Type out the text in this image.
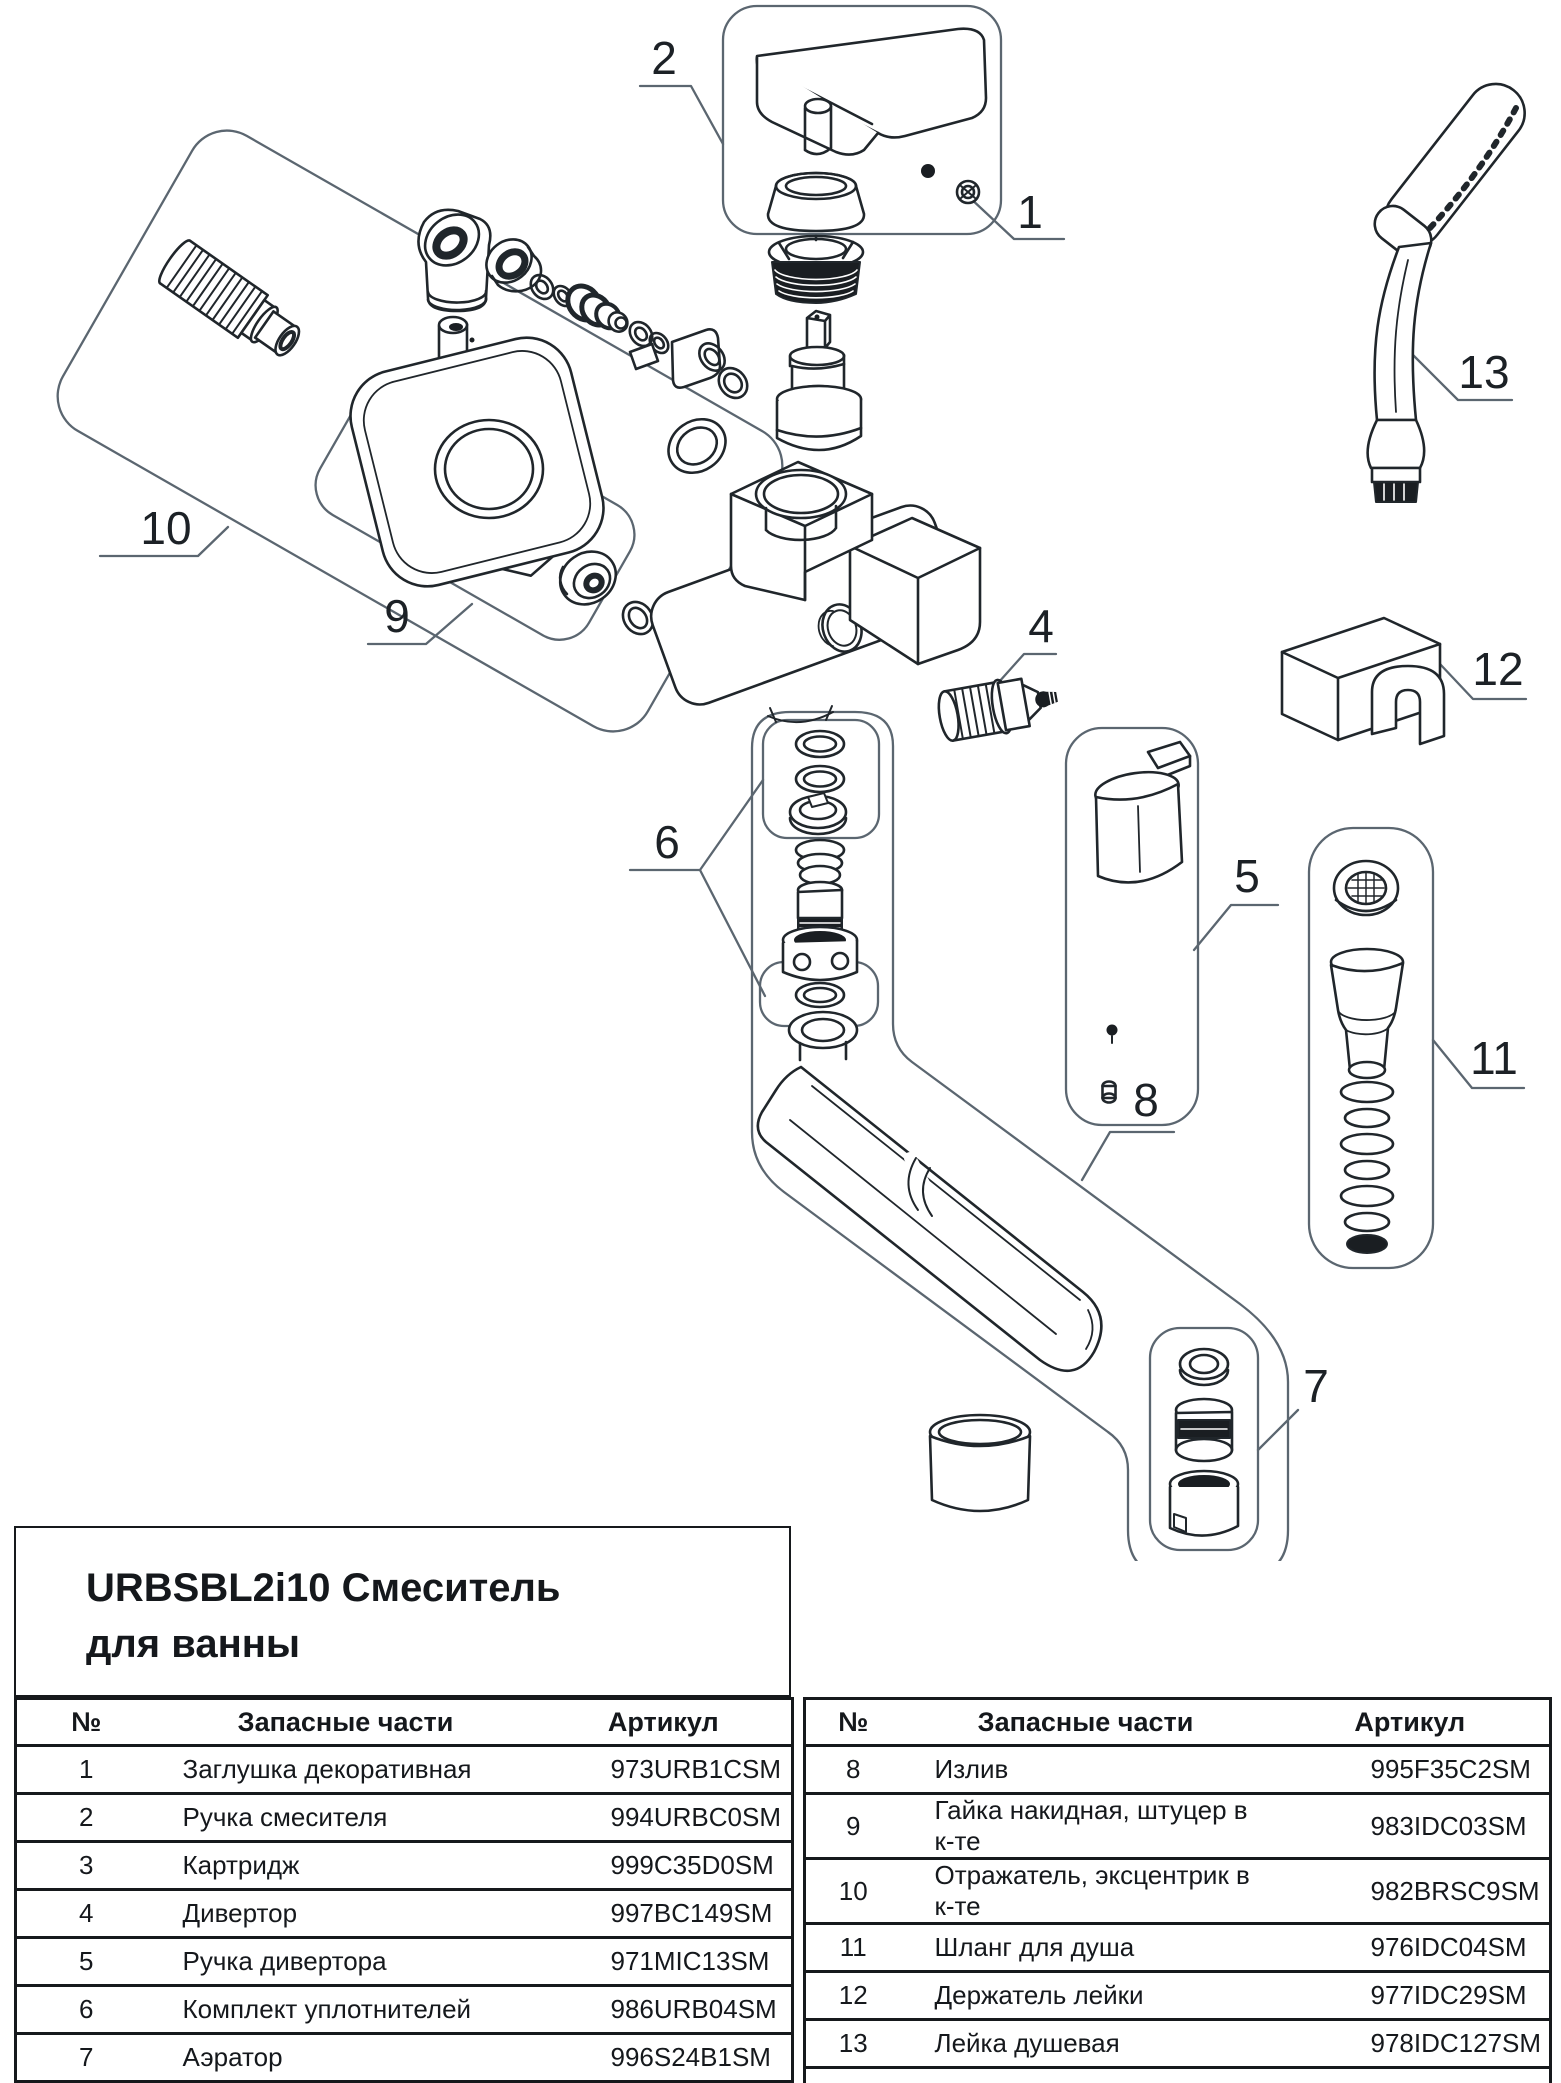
1
2
4
5
6
7
8
9
10
11
12
13
URBSBL2i10 Смеситель
для ванны
№	Запасные части	Артикул
1	Заглушка декоративная	973URB1CSM
2	Ручка смесителя	994URBC0SM
3	Картридж	999C35D0SM
4	Дивертор	997BC149SM
5	Ручка дивертора	971MIC13SM
6	Комплект уплотнителей	986URB04SM
7	Аэратор	996S24B1SM
№	Запасные части	Артикул
8	Излив	995F35C2SM
9	Гайка накидная, штуцер в к-те	983IDC03SM
10	Отражатель, эксцентрик в к-те	982BRSC9SM
11	Шланг для душа	976IDC04SM
12	Держатель лейки	977IDC29SM
13	Лейка душевая	978IDC127SM
